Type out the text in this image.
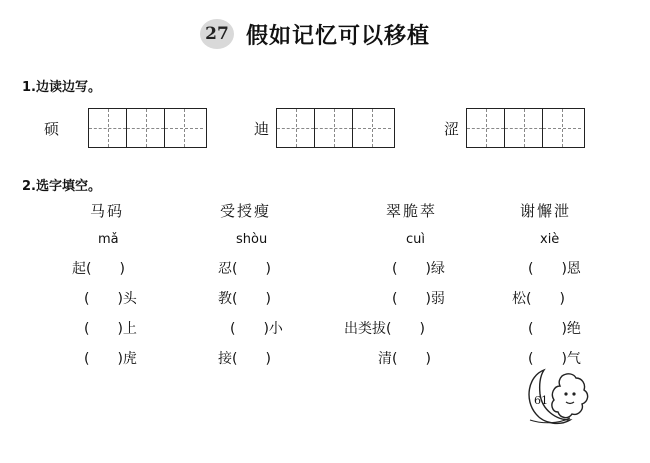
27 假如记忆可以移植
1.边读边写。
硕	迪	涩
2.选字填空。
马码
mǎ
起(　　)
(　　)头
(　　)上
(　　)虎
受授瘦
shòu
忍(　　)
教(　　)
(　　)小
接(　　)
翠脆萃
cuì
(　　)绿
(　　)弱
出类拔(　　)
清(　　)
谢懈泄
xiè
(　　)恩
松(　　)
(　　)绝
(　　)气
61
